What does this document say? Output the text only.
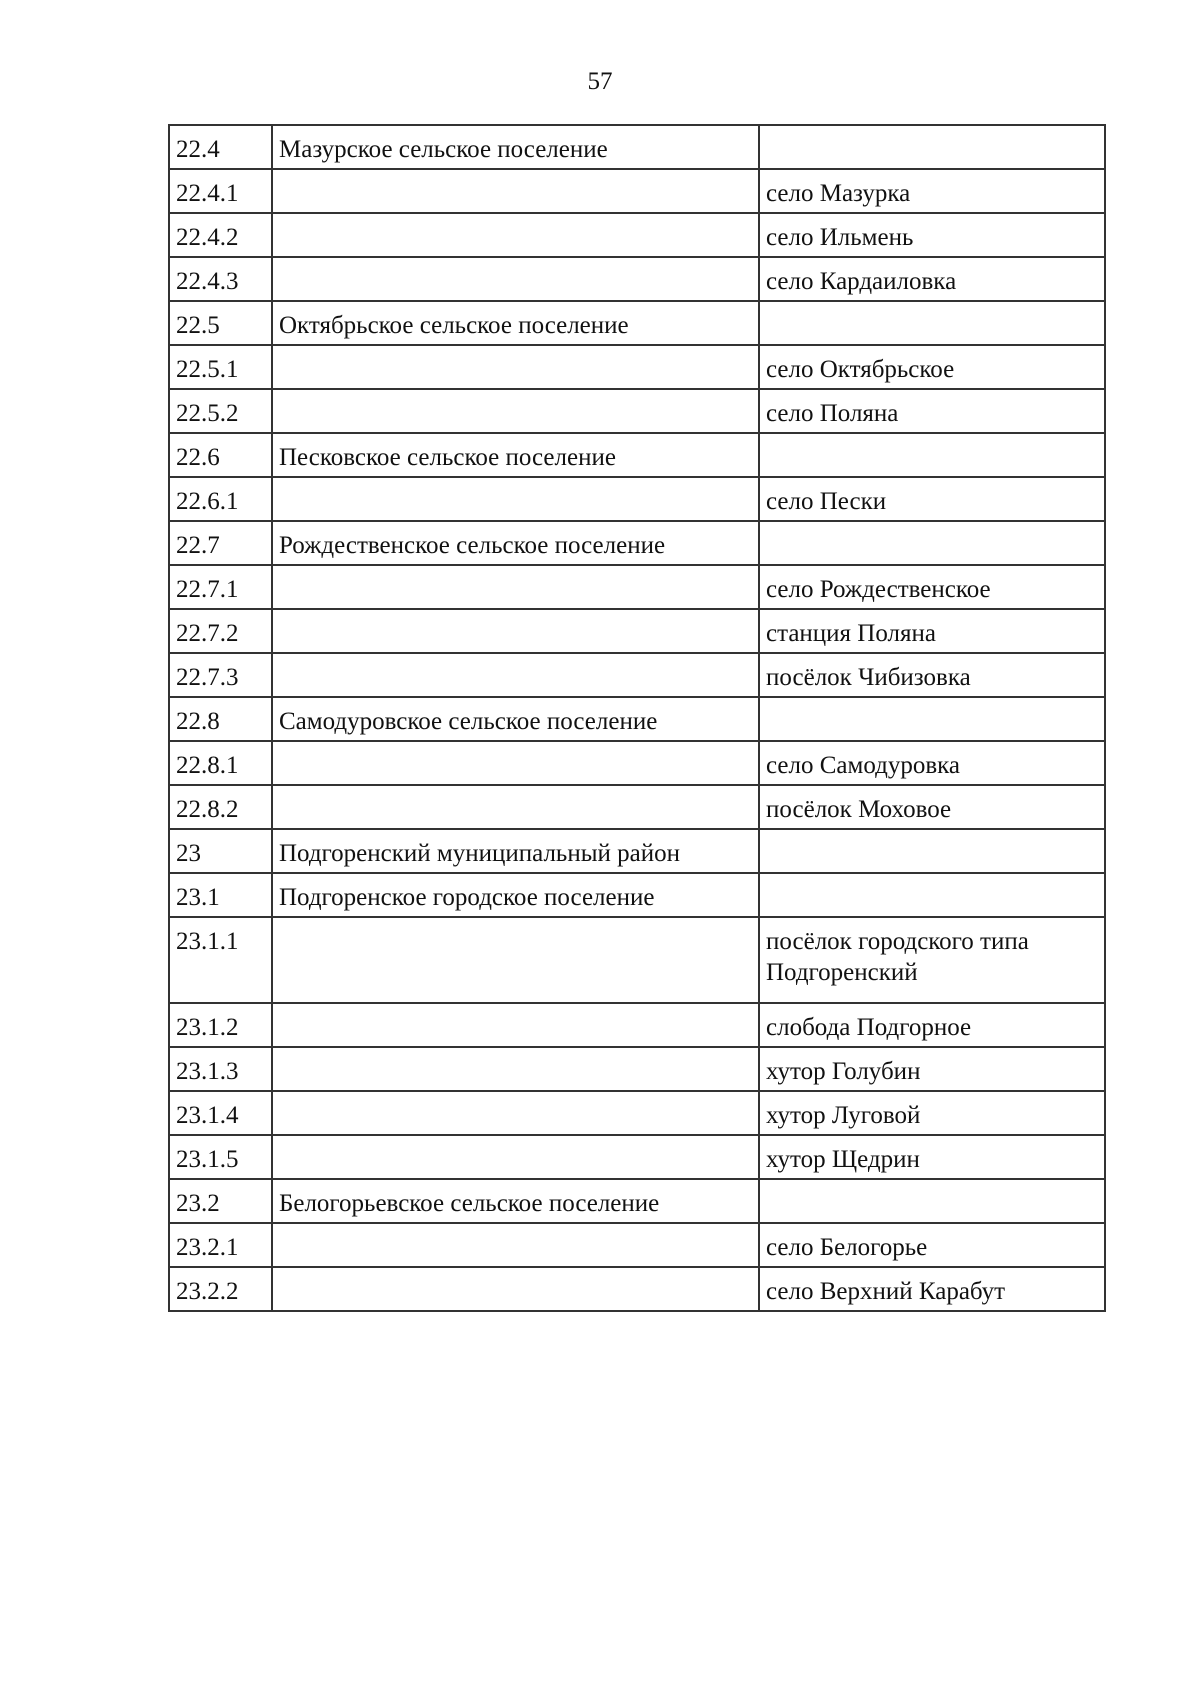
57
22.4	Мазурское сельское поселение	
22.4.1		село Мазурка
22.4.2		село Ильмень
22.4.3		село Кардаиловка
22.5	Октябрьское сельское поселение	
22.5.1		село Октябрьское
22.5.2		село Поляна
22.6	Песковское сельское поселение	
22.6.1		село Пески
22.7	Рождественское сельское поселение	
22.7.1		село Рождественское
22.7.2		станция Поляна
22.7.3		посёлок Чибизовка
22.8	Самодуровское сельское поселение	
22.8.1		село Самодуровка
22.8.2		посёлок Моховое
23	Подгоренский муниципальный район	
23.1	Подгоренское городское поселение	
23.1.1		посёлок городского типа Подгоренский
23.1.2		слобода Подгорное
23.1.3		хутор Голубин
23.1.4		хутор Луговой
23.1.5		хутор Щедрин
23.2	Белогорьевское сельское поселение	
23.2.1		село Белогорье
23.2.2		село Верхний Карабут
